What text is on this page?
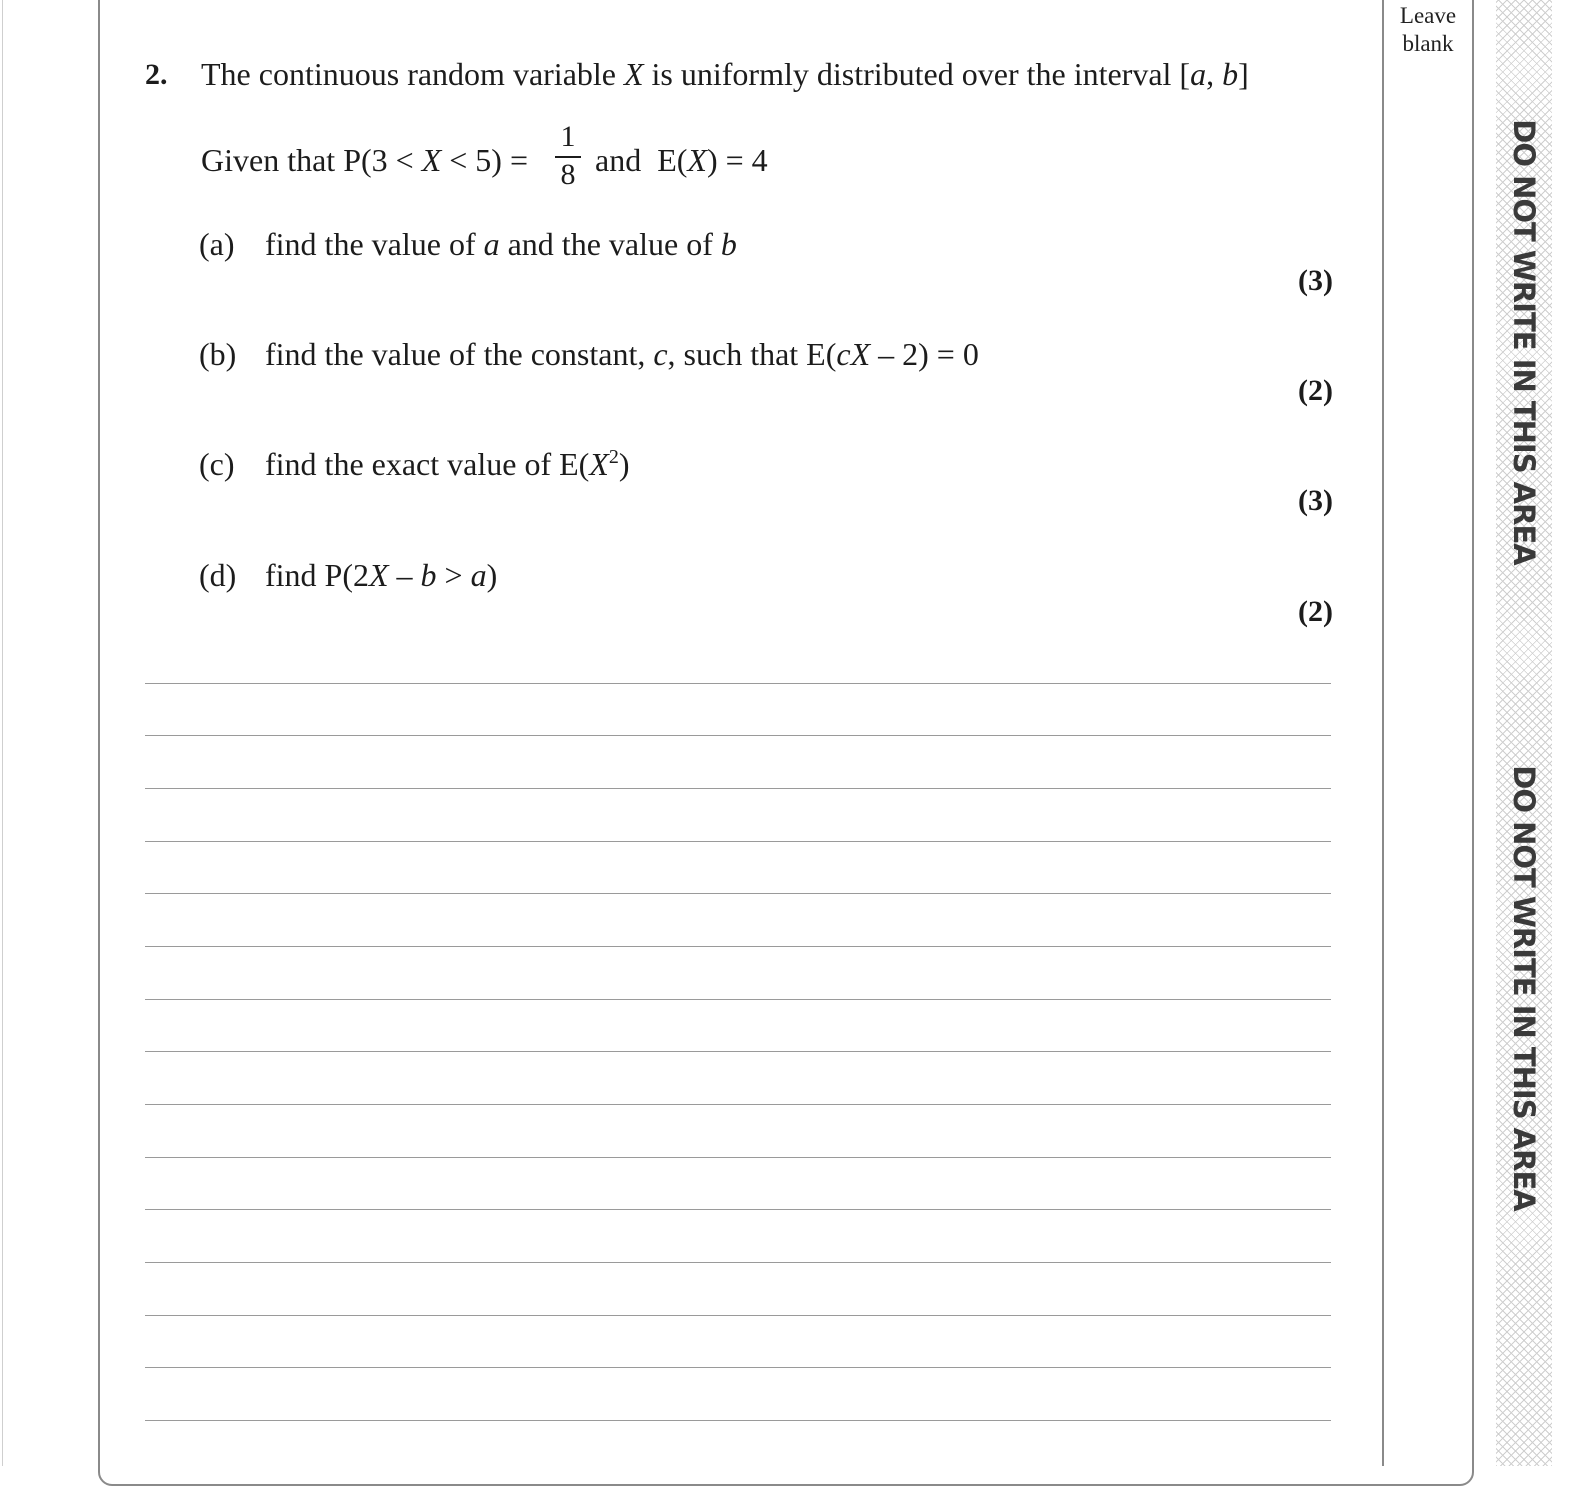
Leave
blank
DO NOT WRITE IN THIS AREA
DO NOT WRITE IN THIS AREA
2. The continuous random variable X is uniformly distributed over the interval [a, b]
Given that P(3 < X < 5) =
1
8 and E(X) = 4
(a) find the value of a and the value of b
(3)
(b) find the value of the constant, c, such that E(cX – 2) = 0
(2)
(c) find the exact value of $E(X^2)$
(3)
(d) find P(2X – b > a)
(2)
